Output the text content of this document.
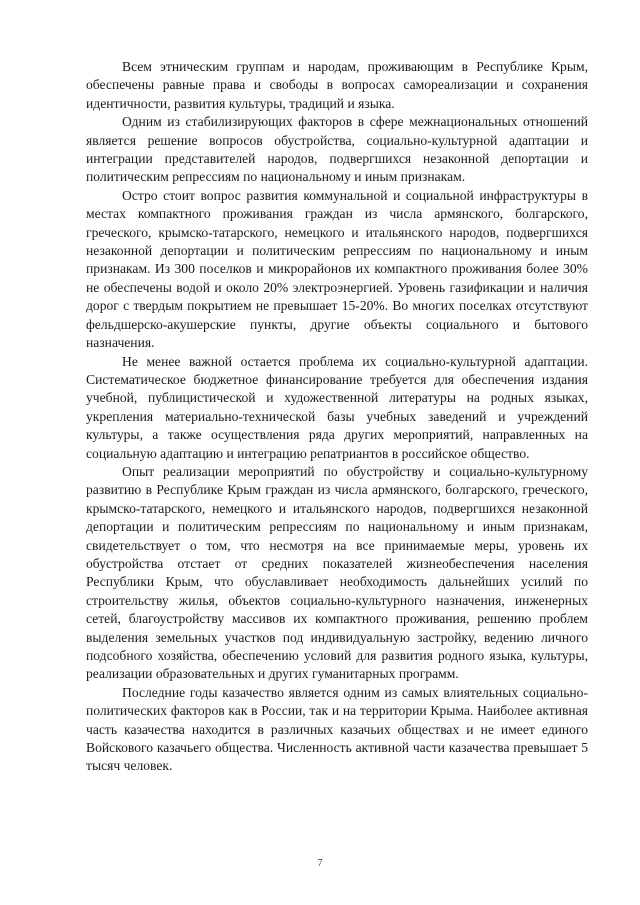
Всем этническим группам и народам, проживающим в Республике Крым, обеспечены равные права и свободы в вопросах самореализации и сохранения идентичности, развития культуры, традиций и языка.

Одним из стабилизирующих факторов в сфере межнациональных отношений является решение вопросов обустройства, социально-культурной адаптации и интеграции представителей народов, подвергшихся незаконной депортации и политическим репрессиям по национальному и иным признакам.

Остро стоит вопрос развития коммунальной и социальной инфраструктуры в местах компактного проживания граждан из числа армянского, болгарского, греческого, крымско-татарского, немецкого и итальянского народов, подвергшихся незаконной депортации и политическим репрессиям по национальному и иным признакам. Из 300 поселков и микрорайонов их компактного проживания более 30% не обеспечены водой и около 20% электроэнергией. Уровень газификации и наличия дорог с твердым покрытием не превышает 15-20%. Во многих поселках отсутствуют фельдшерско-акушерские пункты, другие объекты социального и бытового назначения.

Не менее важной остается проблема их социально-культурной адаптации. Систематическое бюджетное финансирование требуется для обеспечения издания учебной, публицистической и художественной литературы на родных языках, укрепления материально-технической базы учебных заведений и учреждений культуры, а также осуществления ряда других мероприятий, направленных на социальную адаптацию и интеграцию репатриантов в российское общество.

Опыт реализации мероприятий по обустройству и социально-культурному развитию в Республике Крым граждан из числа армянского, болгарского, греческого, крымско-татарского, немецкого и итальянского народов, подвергшихся незаконной депортации и политическим репрессиям по национальному и иным признакам, свидетельствует о том, что несмотря на все принимаемые меры, уровень их обустройства отстает от средних показателей жизнеобеспечения населения Республики Крым, что обуславливает необходимость дальнейших усилий по строительству жилья, объектов социально-культурного назначения, инженерных сетей, благоустройству массивов их компактного проживания, решению проблем выделения земельных участков под индивидуальную застройку, ведению личного подсобного хозяйства, обеспечению условий для развития родного языка, культуры, реализации образовательных и других гуманитарных программ.

Последние годы казачество является одним из самых влиятельных социально-политических факторов как в России, так и на территории Крыма. Наиболее активная часть казачества находится в различных казачьих обществах и не имеет единого Войскового казачьего общества. Численность активной части казачества превышает 5 тысяч человек.

7
